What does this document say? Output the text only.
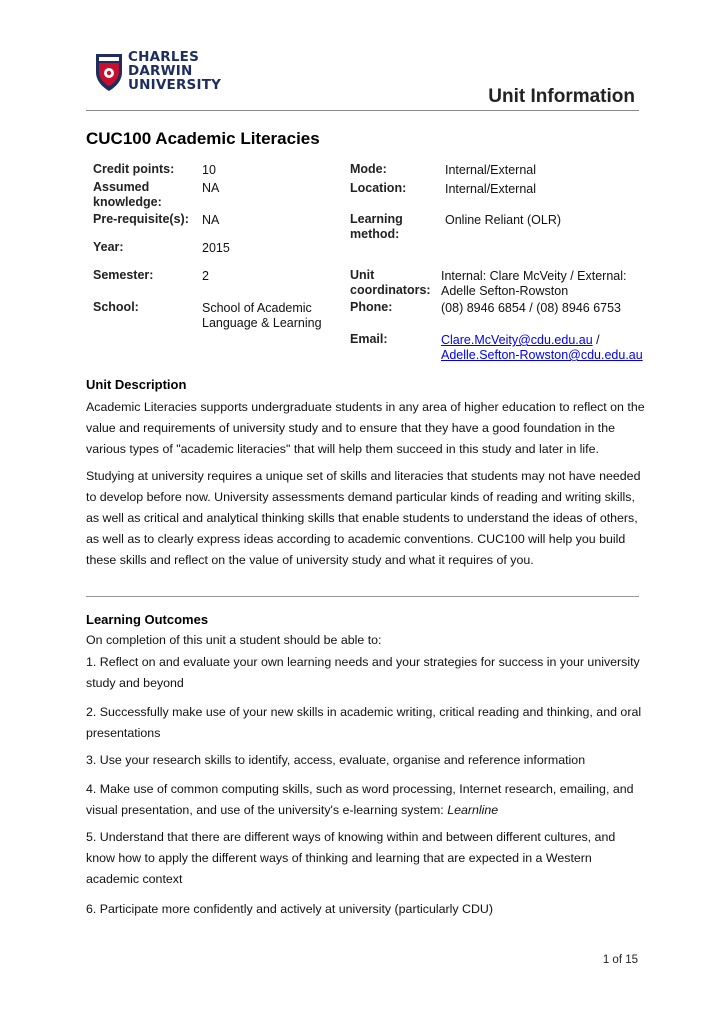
CHARLES
DARWIN
UNIVERSITY
Unit Information
CUC100 Academic Literacies
Credit points: 10
Assumed knowledge:
NA
Pre-requisite(s): NA
Year:	2015
Semester:	2
School:	School of Academic Language & Learning
Mode:	Internal/External
Location:	Internal/External
Learning method:
Online Reliant (OLR)
Unit coordinators:
Internal: Clare McVeity / External: Adelle Sefton-Rowston
Phone:	(08) 8946 6854 / (08) 8946 6753
Email:	Clare.McVeity@cdu.edu.au /
Adelle.Sefton-Rowston@cdu.edu.au
Unit Description

Academic Literacies supports undergraduate students in any area of higher education to reflect on the value and requirements of university study and to ensure that they have a good foundation in the various types of "academic literacies" that will help them succeed in this study and later in life.

Studying at university requires a unique set of skills and literacies that students may not have needed to develop before now. University assessments demand particular kinds of reading and writing skills, as well as critical and analytical thinking skills that enable students to understand the ideas of others, as well as to clearly express ideas according to academic conventions. CUC100 will help you build these skills and reflect on the value of university study and what it requires of you.

Learning Outcomes

On completion of this unit a student should be able to:

1. Reflect on and evaluate your own learning needs and your strategies for success in your university study and beyond

2. Successfully make use of your new skills in academic writing, critical reading and thinking, and oral presentations

3. Use your research skills to identify, access, evaluate, organise and reference information

4. Make use of common computing skills, such as word processing, Internet research, emailing, and visual presentation, and use of the university's e-learning system: Learnline

5. Understand that there are different ways of knowing within and between different cultures, and know how to apply the different ways of thinking and learning that are expected in a Western academic context

6. Participate more confidently and actively at university (particularly CDU)

1 of 15
